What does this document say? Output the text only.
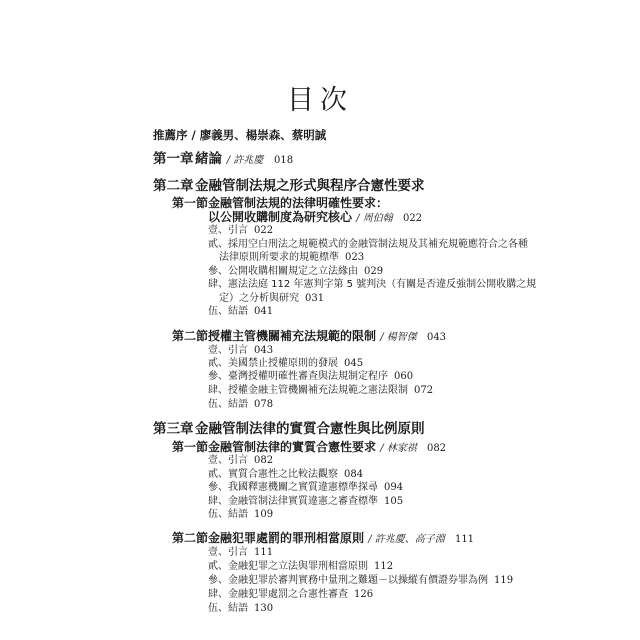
目次
推薦序 / 廖義男、楊崇森、蔡明誠
第一章 緒論 / 許兆慶 018
第二章 金融管制法規之形式與程序合憲性要求
第一節金融管制法規的法律明確性要求：
以公開收購制度為研究核心 / 周伯翰 022
壹、引言 022
貳、採用空白刑法之規範模式的金融管制法規及其補充規範應符合之各種
法律原則所要求的規範標準 023
參、公開收購相關規定之立法緣由 029
肆、憲法法庭 112 年憲判字第 5 號判決（有關是否違反強制公開收購之規
定）之分析與研究 031
伍、結語 041
第二節授權主管機關補充法規範的限制 / 楊智傑 043
壹、引言 043
貳、美國禁止授權原則的發展 045
參、臺灣授權明確性審查與法規制定程序 060
肆、授權金融主管機關補充法規範之憲法限制 072
伍、結語 078
第三章 金融管制法律的實質合憲性與比例原則
第一節金融管制法律的實質合憲性要求 / 林家祺 082
壹、引言 082
貳、實質合憲性之比較法觀察 084
參、我國釋憲機關之實質違憲標準探尋 094
肆、金融管制法律實質違憲之審查標準 105
伍、結語 109
第二節金融犯罪處罰的罪刑相當原則 / 許兆慶、高子淵 111
壹、引言 111
貳、金融犯罪之立法與罪刑相當原則 112
參、金融犯罪於審判實務中量刑之難題－以操縱有價證券罪為例 119
肆、金融犯罪處罰之合憲性審查 126
伍、結語 130
